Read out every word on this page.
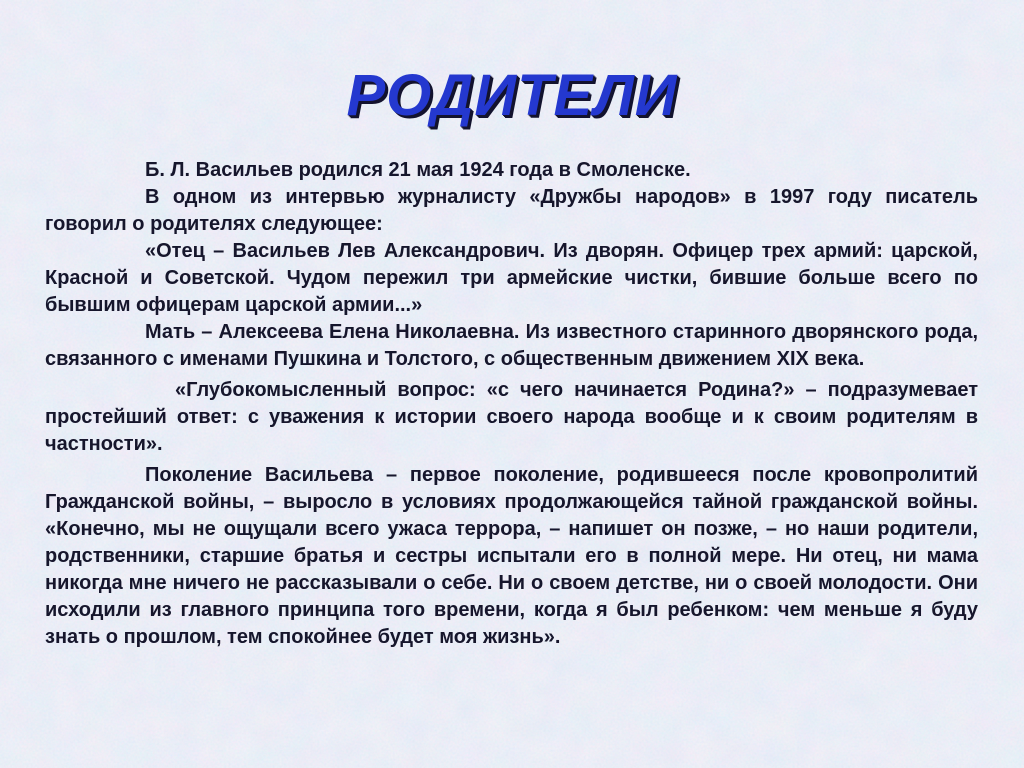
РОДИТЕЛИ

Б. Л. Васильев родился 21 мая 1924 года в Смоленске.

В одном из интервью журналисту «Дружбы народов» в 1997 году писатель говорил о родителях следующее:

«Отец – Васильев Лев Александрович. Из дворян. Офицер трех армий: царской, Красной и Советской. Чудом пережил три армейские чистки, бившие больше всего по бывшим офицерам царской армии...»

Мать – Алексеева Елена Николаевна. Из известного старинного дворянского рода, связанного с именами Пушкина и Толстого, с общественным движением XIX века.

«Глубокомысленный вопрос: «с чего начинается Родина?» – подразумевает простейший ответ: с уважения к истории своего народа вообще и к своим родителям в частности».

Поколение Васильева – первое поколение, родившееся после кровопролитий Гражданской войны, – выросло в условиях продолжающейся тайной гражданской войны. «Конечно, мы не ощущали всего ужаса террора, – напишет он позже, – но наши родители, родственники, старшие братья и сестры испытали его в полной мере. Ни отец, ни мама никогда мне ничего не рассказывали о себе. Ни о своем детстве, ни о своей молодости. Они исходили из главного принципа того времени, когда я был ребенком: чем меньше я буду знать о прошлом, тем спокойнее будет моя жизнь».
